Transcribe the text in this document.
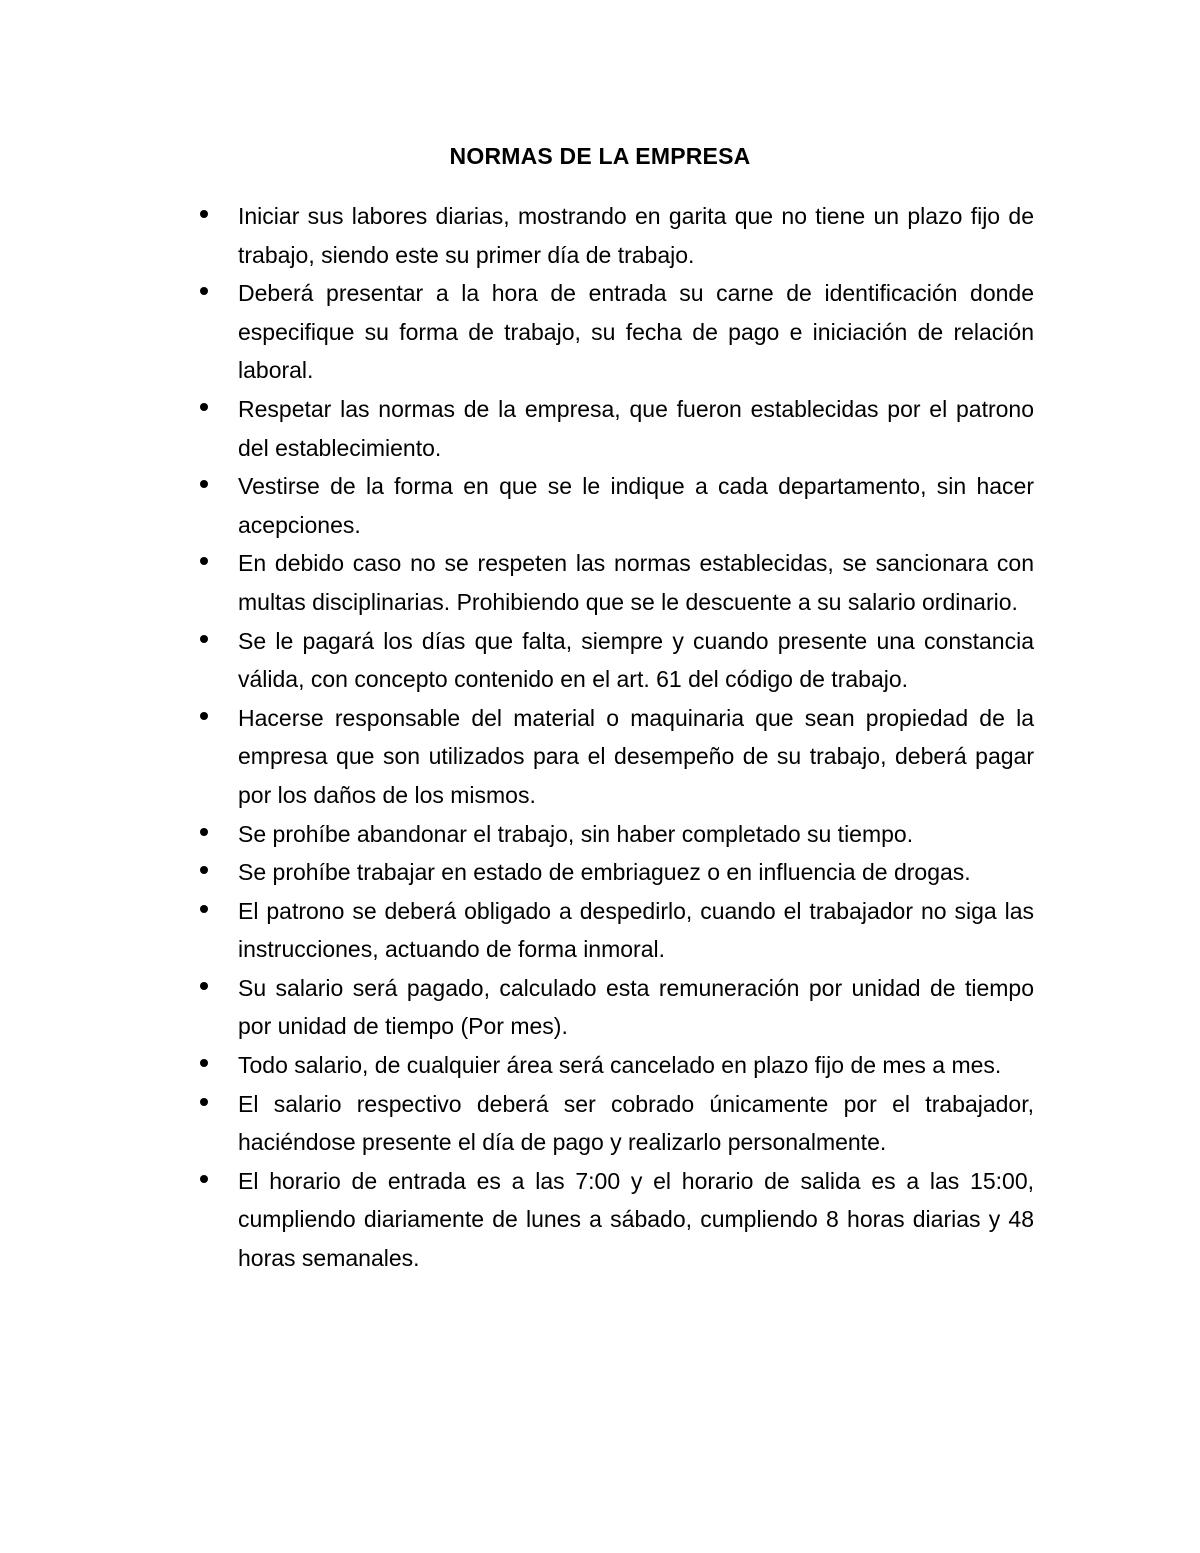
NORMAS DE LA EMPRESA
Iniciar sus labores diarias, mostrando en garita que no tiene un plazo fijo de trabajo, siendo este su primer día de trabajo.
Deberá presentar a la hora de entrada su carne de identificación donde especifique su forma de trabajo, su fecha de pago e iniciación de relación laboral.
Respetar las normas de la empresa, que fueron establecidas por el patrono del establecimiento.
Vestirse de la forma en que se le indique a cada departamento, sin hacer acepciones.
En debido caso no se respeten las normas establecidas, se sancionara con multas disciplinarias. Prohibiendo que se le descuente a su salario ordinario.
Se le pagará los días que falta, siempre y cuando presente una constancia válida, con concepto contenido en el art. 61 del código de trabajo.
Hacerse responsable del material o maquinaria que sean propiedad de la empresa que son utilizados para el desempeño de su trabajo, deberá pagar por los daños de los mismos.
Se prohíbe abandonar el trabajo, sin haber completado su tiempo.
Se prohíbe trabajar en estado de embriaguez o en influencia de drogas.
El patrono se deberá obligado a despedirlo, cuando el trabajador no siga las instrucciones, actuando de forma inmoral.
Su salario será pagado, calculado esta remuneración por unidad de tiempo por unidad de tiempo (Por mes).
Todo salario, de cualquier área será cancelado en plazo fijo de mes a mes.
El salario respectivo deberá ser cobrado únicamente por el trabajador, haciéndose presente el día de pago y realizarlo personalmente.
El horario de entrada es a las 7:00 y el horario de salida es a las 15:00, cumpliendo diariamente de lunes a sábado, cumpliendo 8 horas diarias y 48 horas semanales.
